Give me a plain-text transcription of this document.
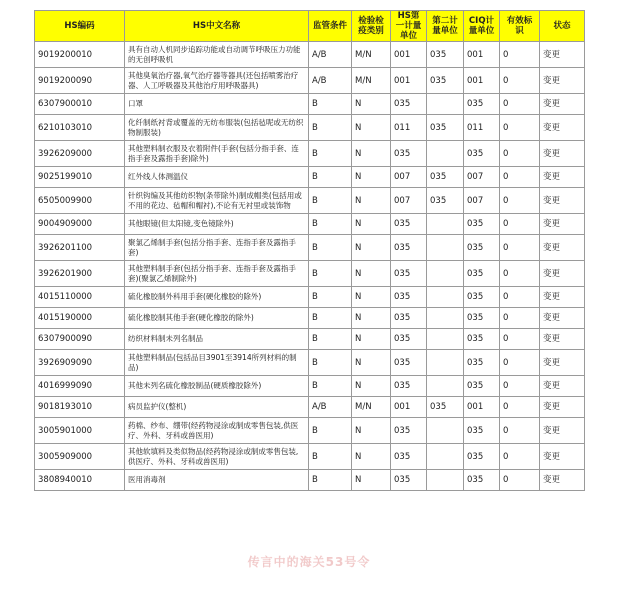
HS编码	HS中文名称	监管条件	检验检疫类别	HS第一计量单位	第二计量单位	CIQ计量单位	有效标识	状态
9019200010	具有自动人机同步追踪功能或自动调节呼吸压力功能的无创呼吸机	A/B	M/N	001	035	001	0	变更
9019200090	其他臭氧治疗器,氧气治疗器等器具(还包括喷雾治疗器、人工呼吸器及其他治疗用呼吸器具)	A/B	M/N	001	035	001	0	变更
6307900010	口罩	B	N	035		035	0	变更
6210103010	化纤制纸衬背或覆盖的无纺布服装(包括毡呢或无纺织物制服装)	B	N	011	035	011	0	变更
3926209000	其他塑料制衣服及衣着附件(手套(包括分指手套、连指手套及露指手套)除外)	B	N	035		035	0	变更
9025199010	红外线人体测温仪	B	N	007	035	007	0	变更
6505009900	针织钩编及其他纺织物(条带除外)制成帽类(包括用或不用的花边、毡帽和帽衬),不论有无衬里或装饰物	B	N	007	035	007	0	变更
9004909000	其他眼镜(但太阳镜,变色镜除外)	B	N	035		035	0	变更
3926201100	聚氯乙烯制手套(包括分指手套、连指手套及露指手套)	B	N	035		035	0	变更
3926201900	其他塑料制手套(包括分指手套、连指手套及露指手套)(聚氯乙烯制除外)	B	N	035		035	0	变更
4015110000	硫化橡胶制外科用手套(硬化橡胶的除外)	B	N	035		035	0	变更
4015190000	硫化橡胶制其他手套(硬化橡胶的除外)	B	N	035		035	0	变更
6307900090	纺织材料制未列名制品	B	N	035		035	0	变更
3926909090	其他塑料制品(包括品目3901至3914所列材料的制品)	B	N	035		035	0	变更
4016999090	其他未列名硫化橡胶制品(硬质橡胶除外)	B	N	035		035	0	变更
9018193010	病员监护仪(整机)	A/B	M/N	001	035	001	0	变更
3005901000	药棉、纱布、绷带(经药物浸涂或制成零售包装,供医疗、外科、牙科或兽医用)	B	N	035		035	0	变更
3005909000	其他软填料及类似物品(经药物浸涂或制成零售包装,供医疗、外科、牙科或兽医用)	B	N	035		035	0	变更
3808940010	医用消毒剂	B	N	035		035	0	变更
传言中的海关53号令
